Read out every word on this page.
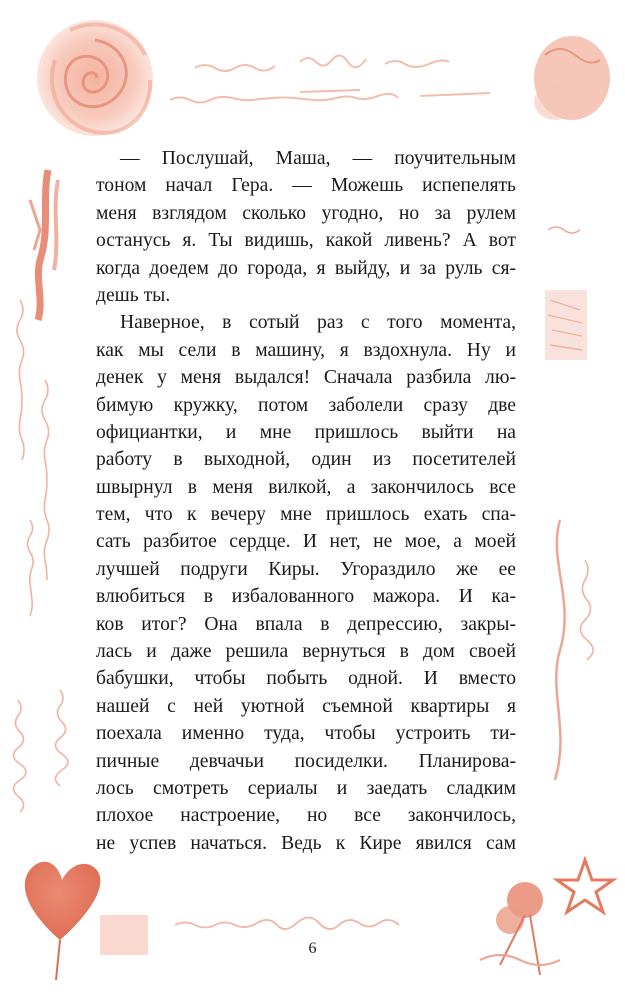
— Послушай, Маша, — поучительным
тоном начал Гера. — Можешь испепелять
меня взглядом сколько угодно, но за рулем
останусь я. Ты видишь, какой ливень? А вот
когда доедем до города, я выйду, и за руль ся-
дешь ты.
Наверное, в сотый раз с того момента,
как мы сели в машину, я вздохнула. Ну и
денек у меня выдался! Сначала разбила лю-
бимую кружку, потом заболели сразу две
официантки, и мне пришлось выйти на
работу в выходной, один из посетителей
швырнул в меня вилкой, а закончилось все
тем, что к вечеру мне пришлось ехать спа-
сать разбитое сердце. И нет, не мое, а моей
лучшей подруги Киры. Угораздило же ее
влюбиться в избалованного мажора. И ка-
ков итог? Она впала в депрессию, закры-
лась и даже решила вернуться в дом своей
бабушки, чтобы побыть одной. И вместо
нашей с ней уютной съемной квартиры я
поехала именно туда, чтобы устроить ти-
пичные девчачьи посиделки. Планирова-
лось смотреть сериалы и заедать сладким
плохое настроение, но все закончилось,
не успев начаться. Ведь к Кире явился сам
6
